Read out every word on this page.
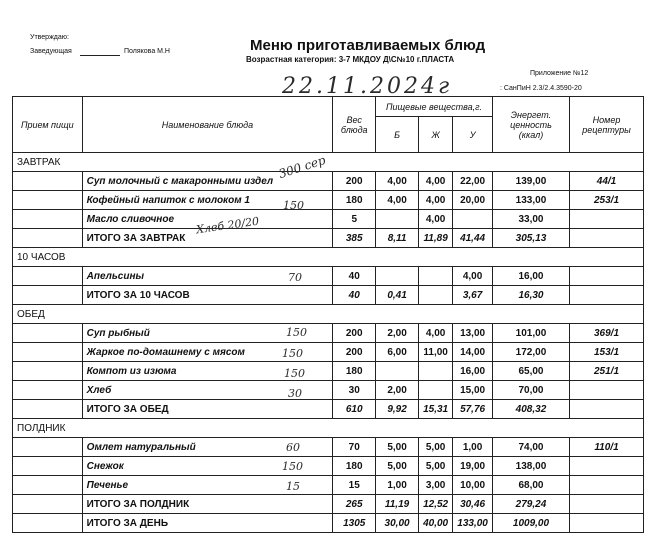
Утверждаю:
Заведующая	Полякова М.Н	Меню приготавливаемых блюд
Возрастная категория: 3-7 МКДОУ Д\С№10 г.ПЛАСТА
22.11.2024г
Приложение №12
: СанПиН 2.3/2.4.3590-20
Прием пищи	Наименование блюда	Вес блюда	Пищевые вещества,г.			Энергет. ценность (ккал)	Номер рецептуры
			Б	Ж	У		
ЗАВТРАК							
	Суп молочный с макаронными издел	200	4,00	4,00	22,00	139,00	44/1
	Кофейный напиток с молоком 1	180	4,00	4,00	20,00	133,00	253/1
	Масло сливочное	5		4,00		33,00	
	ИТОГО ЗА ЗАВТРАК	385	8,11	11,89	41,44	305,13	
10 ЧАСОВ							
	Апельсины	40			4,00	16,00	
	ИТОГО ЗА 10 ЧАСОВ	40	0,41		3,67	16,30	
ОБЕД							
	Суп рыбный	200	2,00	4,00	13,00	101,00	369/1
	Жаркое по-домашнему с мясом	200	6,00	11,00	14,00	172,00	153/1
	Компот из изюма	180			16,00	65,00	251/1
	Хлеб	30	2,00		15,00	70,00	
	ИТОГО ЗА ОБЕД	610	9,92	15,31	57,76	408,32	
ПОЛДНИК							
	Омлет натуральный	70	5,00	5,00	1,00	74,00	110/1
	Снежок	180	5,00	5,00	19,00	138,00	
	Печенье	15	1,00	3,00	10,00	68,00	
	ИТОГО ЗА ПОЛДНИК	265	11,19	12,52	30,46	279,24	
	ИТОГО ЗА ДЕНЬ	1305	30,00	40,00	133,00	1009,00	
300 сер
150
Хлеб 20/20
70
150
150
150
30
60
150
15
